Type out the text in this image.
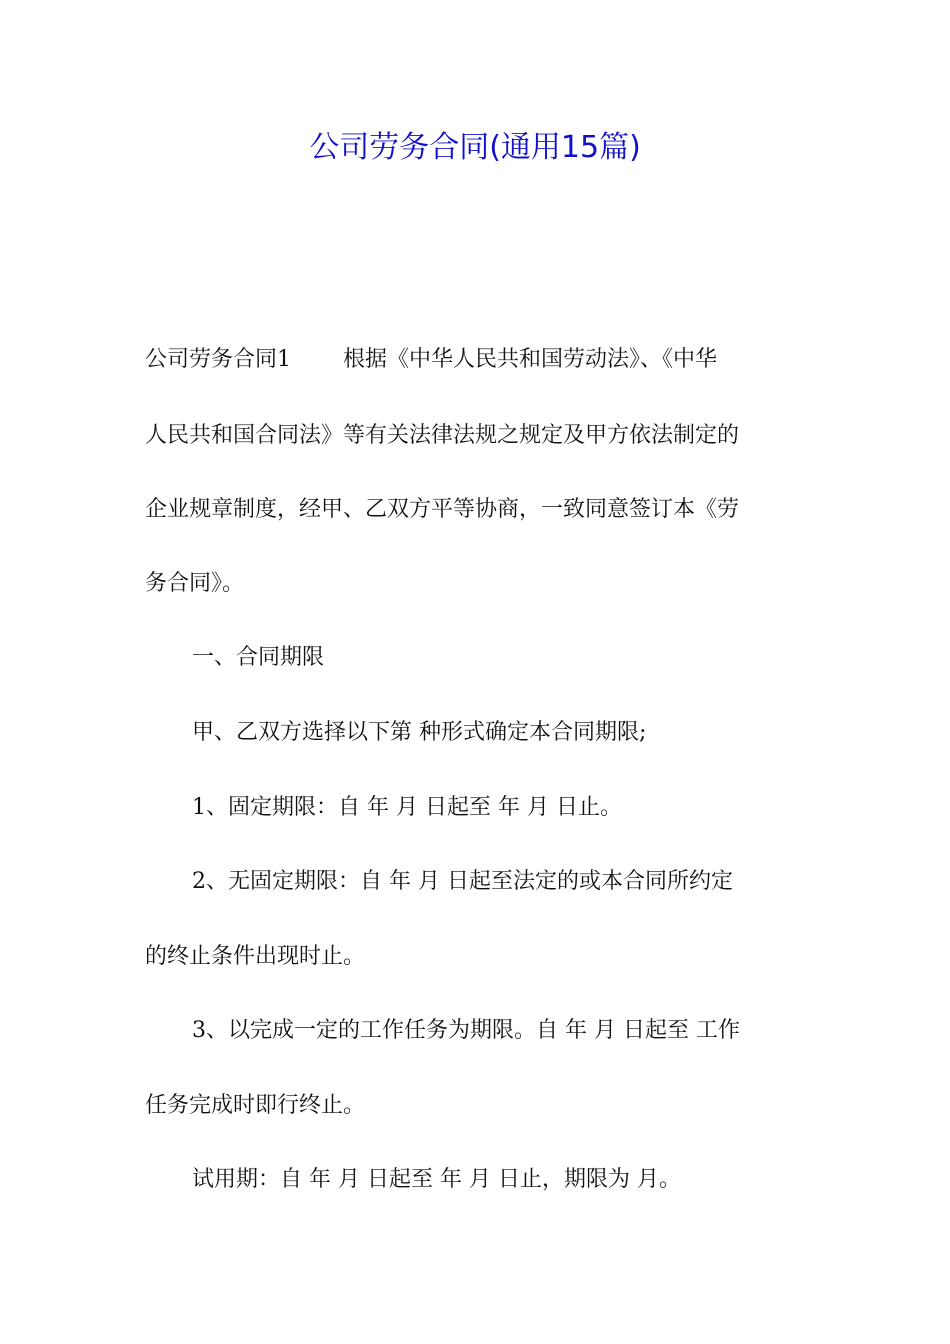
公司劳务合同(通用15篇)
公司劳务合同1 根据《中华人民共和国劳动法》、《中华
人民共和国合同法》等有关法律法规之规定及甲方依法制定的
企业规章制度，经甲、乙双方平等协商，一致同意签订本《劳
务合同》。
一、合同期限
甲、乙双方选择以下第 种形式确定本合同期限;
1、固定期限：自 年 月 日起至 年 月 日止。
2、无固定期限：自 年 月 日起至法定的或本合同所约定
的终止条件出现时止。
3、以完成一定的工作任务为期限。自 年 月 日起至 工作
任务完成时即行终止。
试用期：自 年 月 日起至 年 月 日止，期限为 月。
